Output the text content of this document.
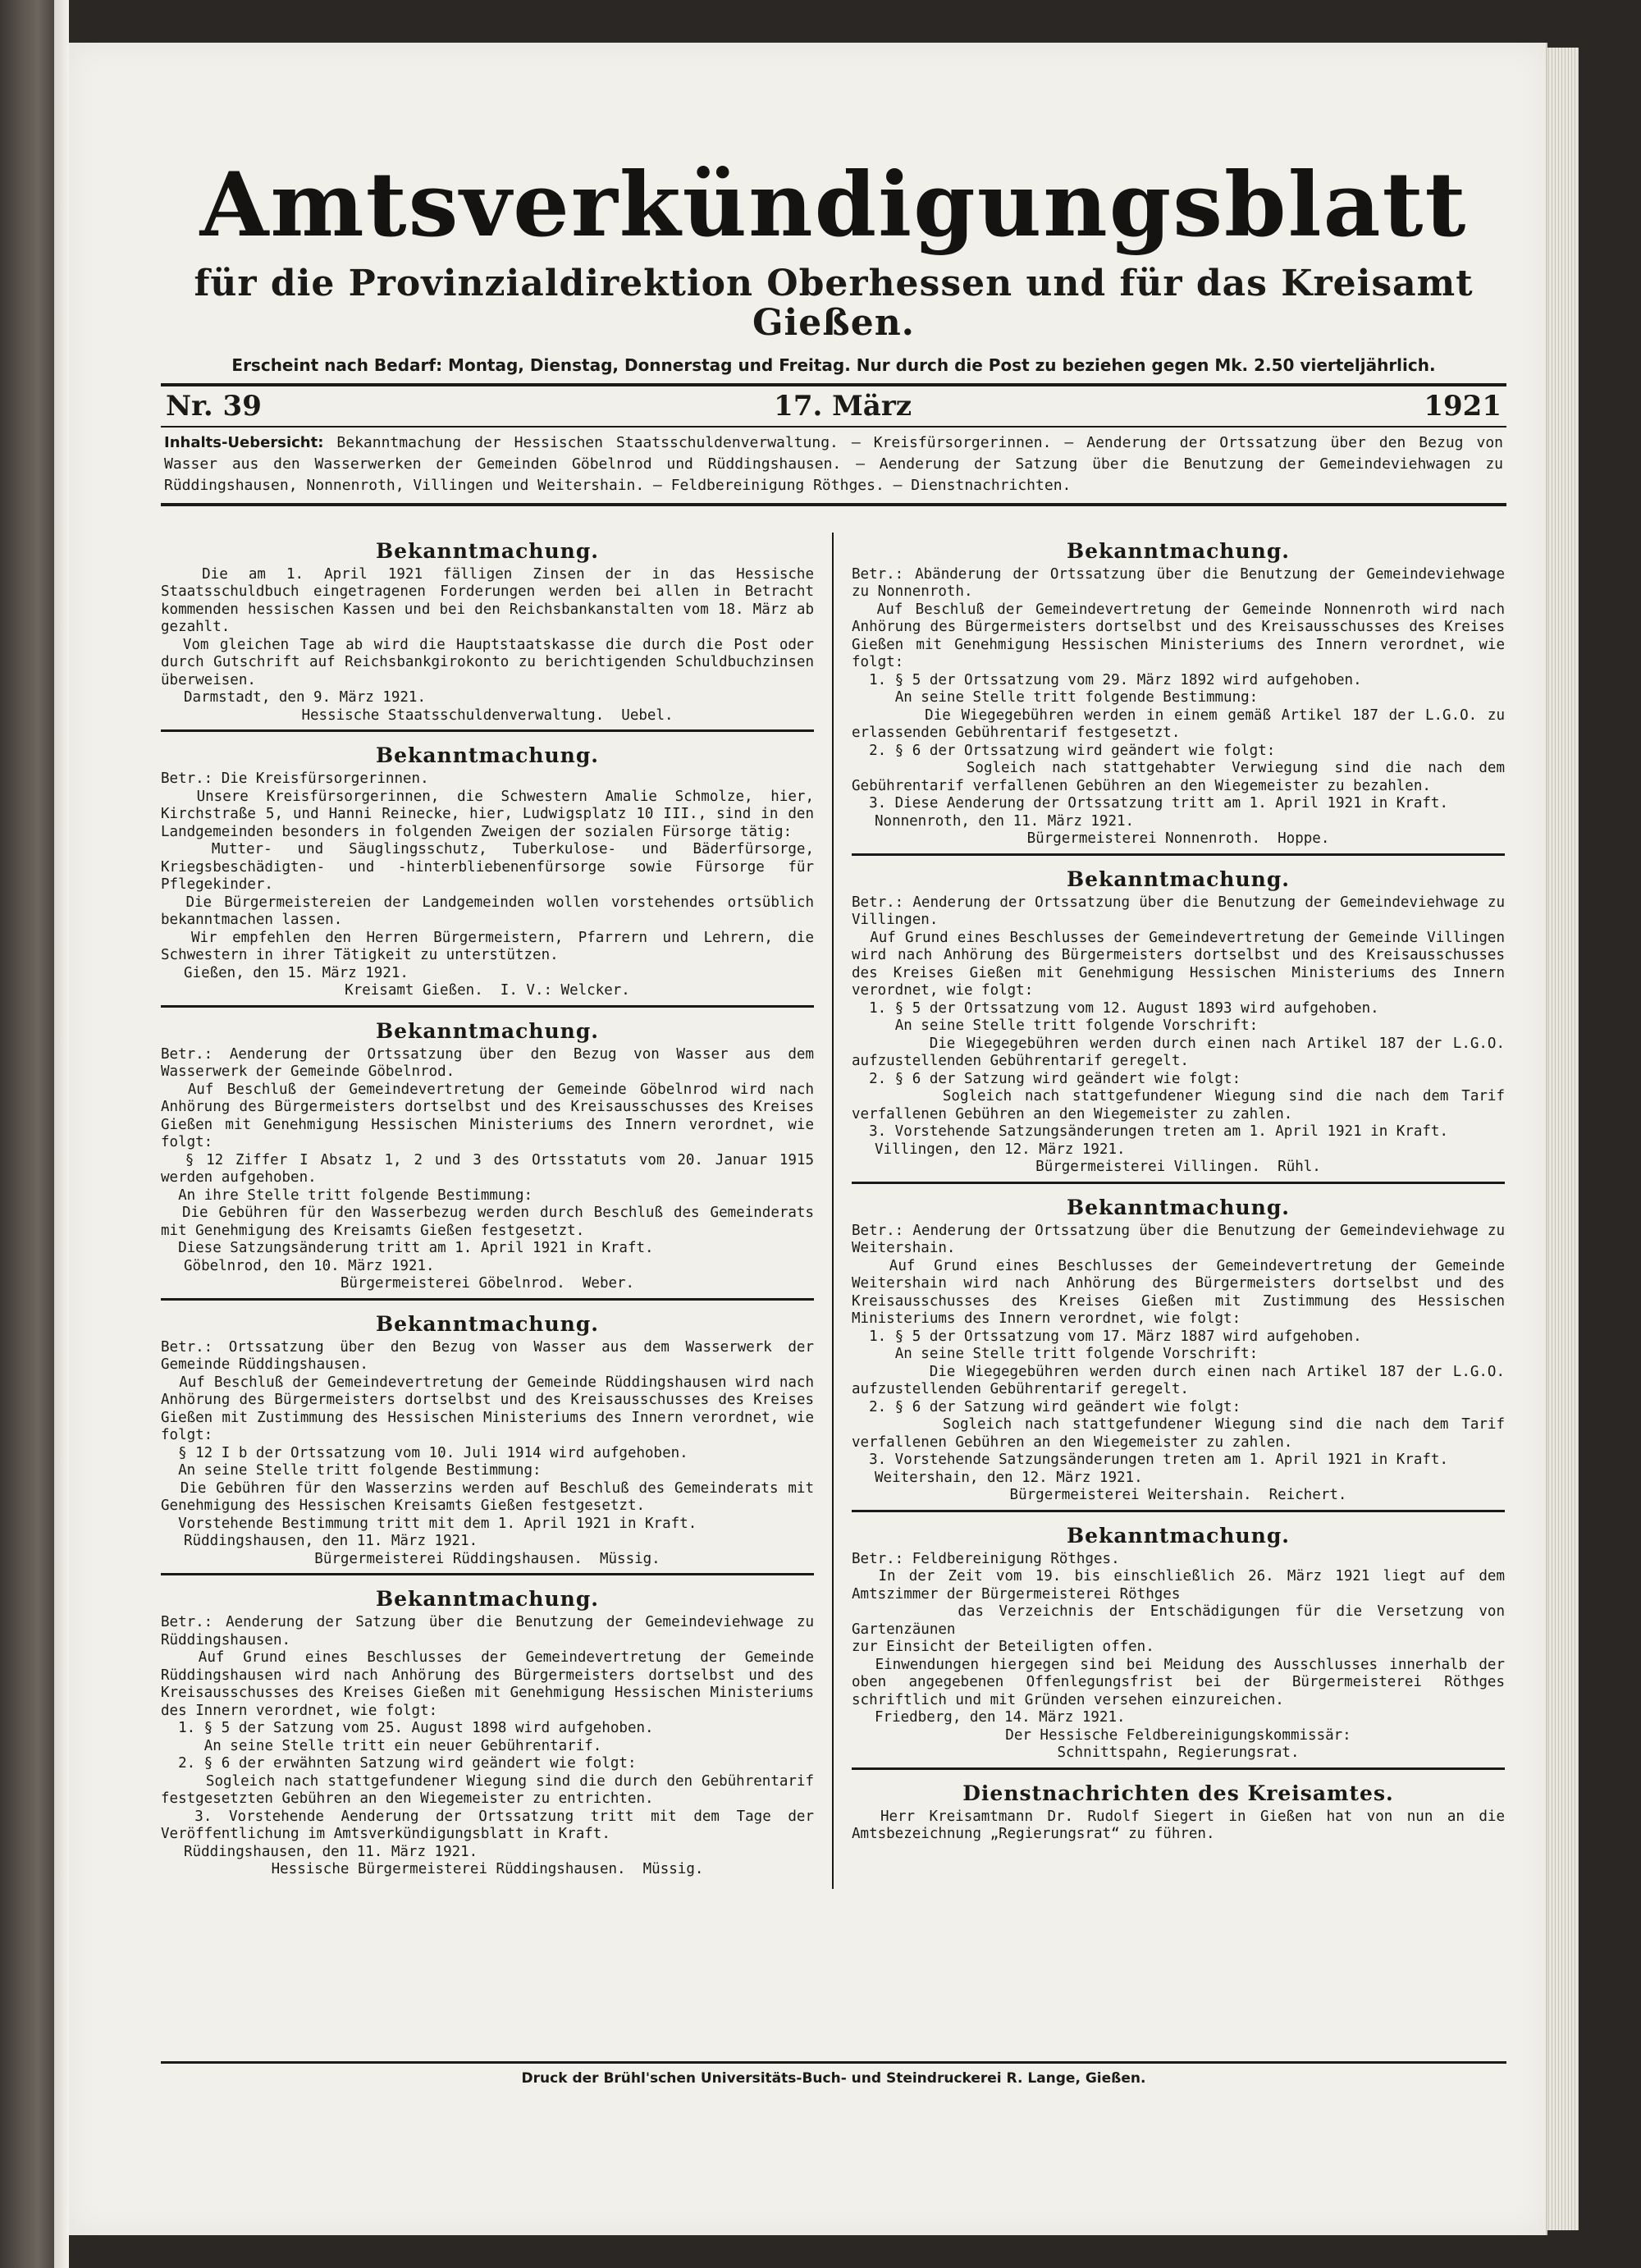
Amtsverkündigungsblatt
für die Provinzialdirektion Oberhessen und für das Kreisamt Gießen.
Erscheint nach Bedarf: Montag, Dienstag, Donnerstag und Freitag. Nur durch die Post zu beziehen gegen Mk. 2.50 vierteljährlich.
Nr. 39	17. März	1921
Inhalts-Uebersicht: Bekanntmachung der Hessischen Staatsschuldenverwaltung. – Kreisfürsorgerinnen. – Aenderung der Ortssatzung über den Bezug von Wasser aus den Wasserwerken der Gemeinden Göbelnrod und Rüddingshausen. – Aenderung der Satzung über die Benutzung der Gemeindeviehwagen zu Rüddingshausen, Nonnenroth, Villingen und Weitershain. – Feldbereinigung Röthges. – Dienstnachrichten.
Bekanntmachung.

Die am 1. April 1921 fälligen Zinsen der in das Hessische Staatsschuldbuch eingetragenen Forderungen werden bei allen in Betracht kommenden hessischen Kassen und bei den Reichsbankanstalten vom 18. März ab gezahlt.

Vom gleichen Tage ab wird die Hauptstaatskasse die durch die Post oder durch Gutschrift auf Reichsbankgirokonto zu berichtigenden Schuldbuchzinsen überweisen.

Darmstadt, den 9. März 1921.

Hessische Staatsschuldenverwaltung.  Uebel.

Bekanntmachung.

Betr.: Die Kreisfürsorgerinnen.

Unsere Kreisfürsorgerinnen, die Schwestern Amalie Schmolze, hier, Kirchstraße 5, und Hanni Reinecke, hier, Ludwigsplatz 10 III., sind in den Landgemeinden besonders in folgenden Zweigen der sozialen Fürsorge tätig:

Mutter- und Säuglingsschutz, Tuberkulose- und Bäderfürsorge, Kriegsbeschädigten- und -hinterbliebenenfürsorge sowie Fürsorge für Pflegekinder.

Die Bürgermeistereien der Landgemeinden wollen vorstehendes ortsüblich bekanntmachen lassen.

Wir empfehlen den Herren Bürgermeistern, Pfarrern und Lehrern, die Schwestern in ihrer Tätigkeit zu unterstützen.

Gießen, den 15. März 1921.

Kreisamt Gießen.  I. V.: Welcker.

Bekanntmachung.

Betr.: Aenderung der Ortssatzung über den Bezug von Wasser aus dem Wasserwerk der Gemeinde Göbelnrod.

Auf Beschluß der Gemeindevertretung der Gemeinde Göbelnrod wird nach Anhörung des Bürgermeisters dortselbst und des Kreisausschusses des Kreises Gießen mit Genehmigung Hessischen Ministeriums des Innern verordnet, wie folgt:

§ 12 Ziffer I Absatz 1, 2 und 3 des Ortsstatuts vom 20. Januar 1915 werden aufgehoben.

An ihre Stelle tritt folgende Bestimmung:

Die Gebühren für den Wasserbezug werden durch Beschluß des Gemeinderats mit Genehmigung des Kreisamts Gießen festgesetzt.

Diese Satzungsänderung tritt am 1. April 1921 in Kraft.

Göbelnrod, den 10. März 1921.

Bürgermeisterei Göbelnrod.  Weber.

Bekanntmachung.

Betr.: Ortssatzung über den Bezug von Wasser aus dem Wasserwerk der Gemeinde Rüddingshausen.

Auf Beschluß der Gemeindevertretung der Gemeinde Rüddingshausen wird nach Anhörung des Bürgermeisters dortselbst und des Kreisausschusses des Kreises Gießen mit Zustimmung des Hessischen Ministeriums des Innern verordnet, wie folgt:

§ 12 I b der Ortssatzung vom 10. Juli 1914 wird aufgehoben.

An seine Stelle tritt folgende Bestimmung:

Die Gebühren für den Wasserzins werden auf Beschluß des Gemeinderats mit Genehmigung des Hessischen Kreisamts Gießen festgesetzt.

Vorstehende Bestimmung tritt mit dem 1. April 1921 in Kraft.

Rüddingshausen, den 11. März 1921.

Bürgermeisterei Rüddingshausen.  Müssig.

Bekanntmachung.

Betr.: Aenderung der Satzung über die Benutzung der Gemeindeviehwage zu Rüddingshausen.

Auf Grund eines Beschlusses der Gemeindevertretung der Gemeinde Rüddingshausen wird nach Anhörung des Bürgermeisters dortselbst und des Kreisausschusses des Kreises Gießen mit Genehmigung Hessischen Ministeriums des Innern verordnet, wie folgt:

1. § 5 der Satzung vom 25. August 1898 wird aufgehoben.

An seine Stelle tritt ein neuer Gebührentarif.

2. § 6 der erwähnten Satzung wird geändert wie folgt:

Sogleich nach stattgefundener Wiegung sind die durch den Gebührentarif festgesetzten Gebühren an den Wiegemeister zu entrichten.

3. Vorstehende Aenderung der Ortssatzung tritt mit dem Tage der Veröffentlichung im Amtsverkündigungsblatt in Kraft.

Rüddingshausen, den 11. März 1921.

Hessische Bürgermeisterei Rüddingshausen.  Müssig.

Bekanntmachung.

Betr.: Abänderung der Ortssatzung über die Benutzung der Gemeindeviehwage zu Nonnenroth.

Auf Beschluß der Gemeindevertretung der Gemeinde Nonnenroth wird nach Anhörung des Bürgermeisters dortselbst und des Kreisausschusses des Kreises Gießen mit Genehmigung Hessischen Ministeriums des Innern verordnet, wie folgt:

1. § 5 der Ortssatzung vom 29. März 1892 wird aufgehoben.

An seine Stelle tritt folgende Bestimmung:

Die Wiegegebühren werden in einem gemäß Artikel 187 der L.G.O. zu erlassenden Gebührentarif festgesetzt.

2. § 6 der Ortssatzung wird geändert wie folgt:

Sogleich nach stattgehabter Verwiegung sind die nach dem Gebührentarif verfallenen Gebühren an den Wiegemeister zu bezahlen.

3. Diese Aenderung der Ortssatzung tritt am 1. April 1921 in Kraft.

Nonnenroth, den 11. März 1921.

Bürgermeisterei Nonnenroth.  Hoppe.

Bekanntmachung.

Betr.: Aenderung der Ortssatzung über die Benutzung der Gemeindeviehwage zu Villingen.

Auf Grund eines Beschlusses der Gemeindevertretung der Gemeinde Villingen wird nach Anhörung des Bürgermeisters dortselbst und des Kreisausschusses des Kreises Gießen mit Genehmigung Hessischen Ministeriums des Innern verordnet, wie folgt:

1. § 5 der Ortssatzung vom 12. August 1893 wird aufgehoben.

An seine Stelle tritt folgende Vorschrift:

Die Wiegegebühren werden durch einen nach Artikel 187 der L.G.O. aufzustellenden Gebührentarif geregelt.

2. § 6 der Satzung wird geändert wie folgt:

Sogleich nach stattgefundener Wiegung sind die nach dem Tarif verfallenen Gebühren an den Wiegemeister zu zahlen.

3. Vorstehende Satzungsänderungen treten am 1. April 1921 in Kraft.

Villingen, den 12. März 1921.

Bürgermeisterei Villingen.  Rühl.

Bekanntmachung.

Betr.: Aenderung der Ortssatzung über die Benutzung der Gemeindeviehwage zu Weitershain.

Auf Grund eines Beschlusses der Gemeindevertretung der Gemeinde Weitershain wird nach Anhörung des Bürgermeisters dortselbst und des Kreisausschusses des Kreises Gießen mit Zustimmung des Hessischen Ministeriums des Innern verordnet, wie folgt:

1. § 5 der Ortssatzung vom 17. März 1887 wird aufgehoben.

An seine Stelle tritt folgende Vorschrift:

Die Wiegegebühren werden durch einen nach Artikel 187 der L.G.O. aufzustellenden Gebührentarif geregelt.

2. § 6 der Satzung wird geändert wie folgt:

Sogleich nach stattgefundener Wiegung sind die nach dem Tarif verfallenen Gebühren an den Wiegemeister zu zahlen.

3. Vorstehende Satzungsänderungen treten am 1. April 1921 in Kraft.

Weitershain, den 12. März 1921.

Bürgermeisterei Weitershain.  Reichert.

Bekanntmachung.

Betr.: Feldbereinigung Röthges.

In der Zeit vom 19. bis einschließlich 26. März 1921 liegt auf dem Amtszimmer der Bürgermeisterei Röthges

das Verzeichnis der Entschädigungen für die Versetzung von Gartenzäunen

zur Einsicht der Beteiligten offen.

Einwendungen hiergegen sind bei Meidung des Ausschlusses innerhalb der oben angegebenen Offenlegungsfrist bei der Bürgermeisterei Röthges schriftlich und mit Gründen versehen einzureichen.

Friedberg, den 14. März 1921.

Der Hessische Feldbereinigungskommissär:
Schnittspahn, Regierungsrat.

Dienstnachrichten des Kreisamtes.

Herr Kreisamtmann Dr. Rudolf Siegert in Gießen hat von nun an die Amtsbezeichnung „Regierungsrat“ zu führen.

Druck der Brühl'schen Universitäts-Buch- und Steindruckerei R. Lange, Gießen.
